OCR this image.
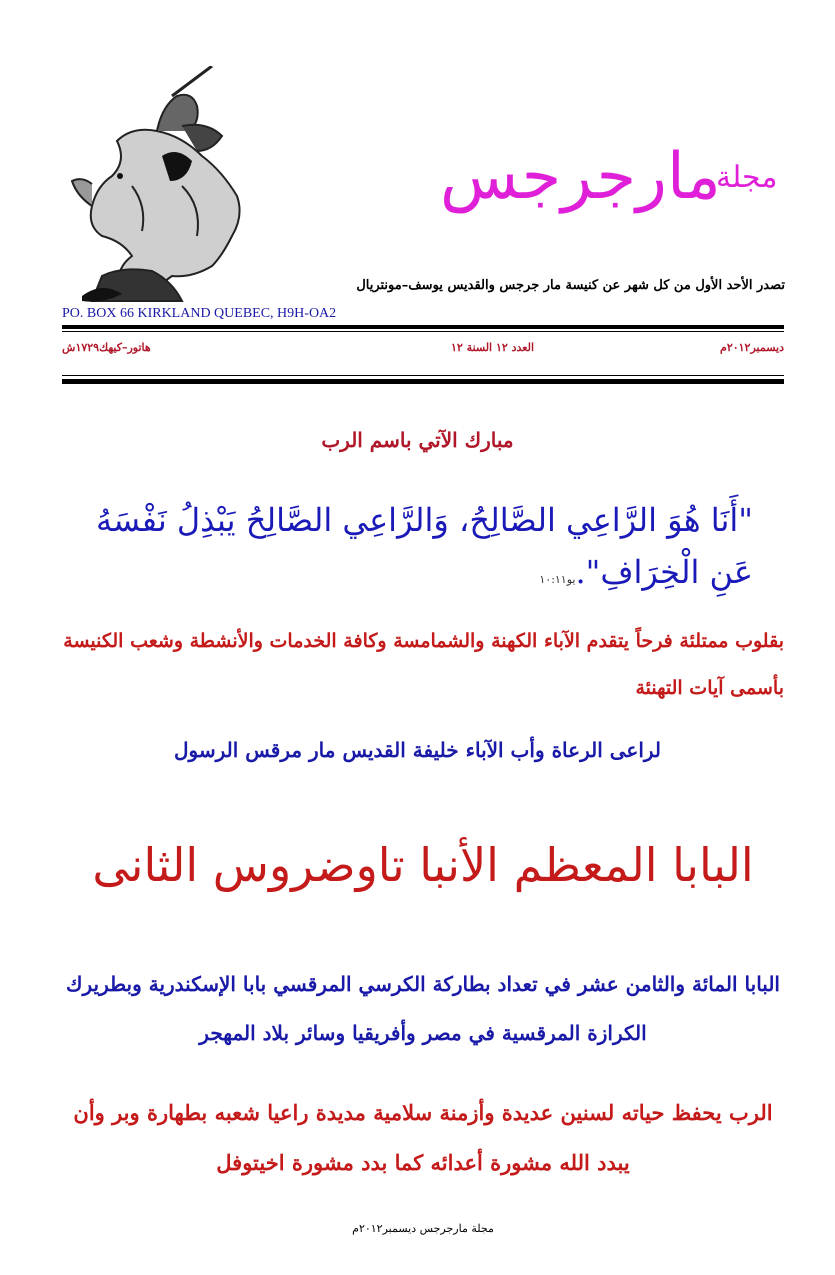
مارجرجس
مجلة
تصدر الأحد الأول من كل شهر عن كنيسة مار جرجس والقديس يوسف–مونتريال
PO. BOX 66 KIRKLAND QUEBEC, H9H-OA2
ديسمبر٢٠١٢م
العدد ١٢ السنة ١٢
هاتور–كيهك١٧٢٩ش
مبارك الآتي باسم الرب
"أَنَا هُوَ الرَّاعِي الصَّالِحُ، وَالرَّاعِي الصَّالِحُ يَبْذِلُ نَفْسَهُ عَنِ الْخِرَافِ".يو١٠:١١
بقلوب ممتلئة فرحاً يتقدم الآباء الكهنة والشمامسة وكافة الخدمات والأنشطة وشعب الكنيسة بأسمى آيات التهنئة
لراعى الرعاة وأب الآباء خليفة القديس مار مرقس الرسول
البابا المعظم الأنبا تاوضروس الثانى
البابا المائة والثامن عشر في تعداد بطاركة الكرسي المرقسي بابا الإسكندرية وبطريرك الكرازة المرقسية في مصر وأفريقيا وسائر بلاد المهجر
الرب يحفظ حياته لسنين عديدة وأزمنة سلامية مديدة راعيا شعبه بطهارة وبر وأن يبدد الله مشورة أعدائه كما بدد مشورة اخيتوفل
مجلة مارجرجس ديسمبر٢٠١٢م
